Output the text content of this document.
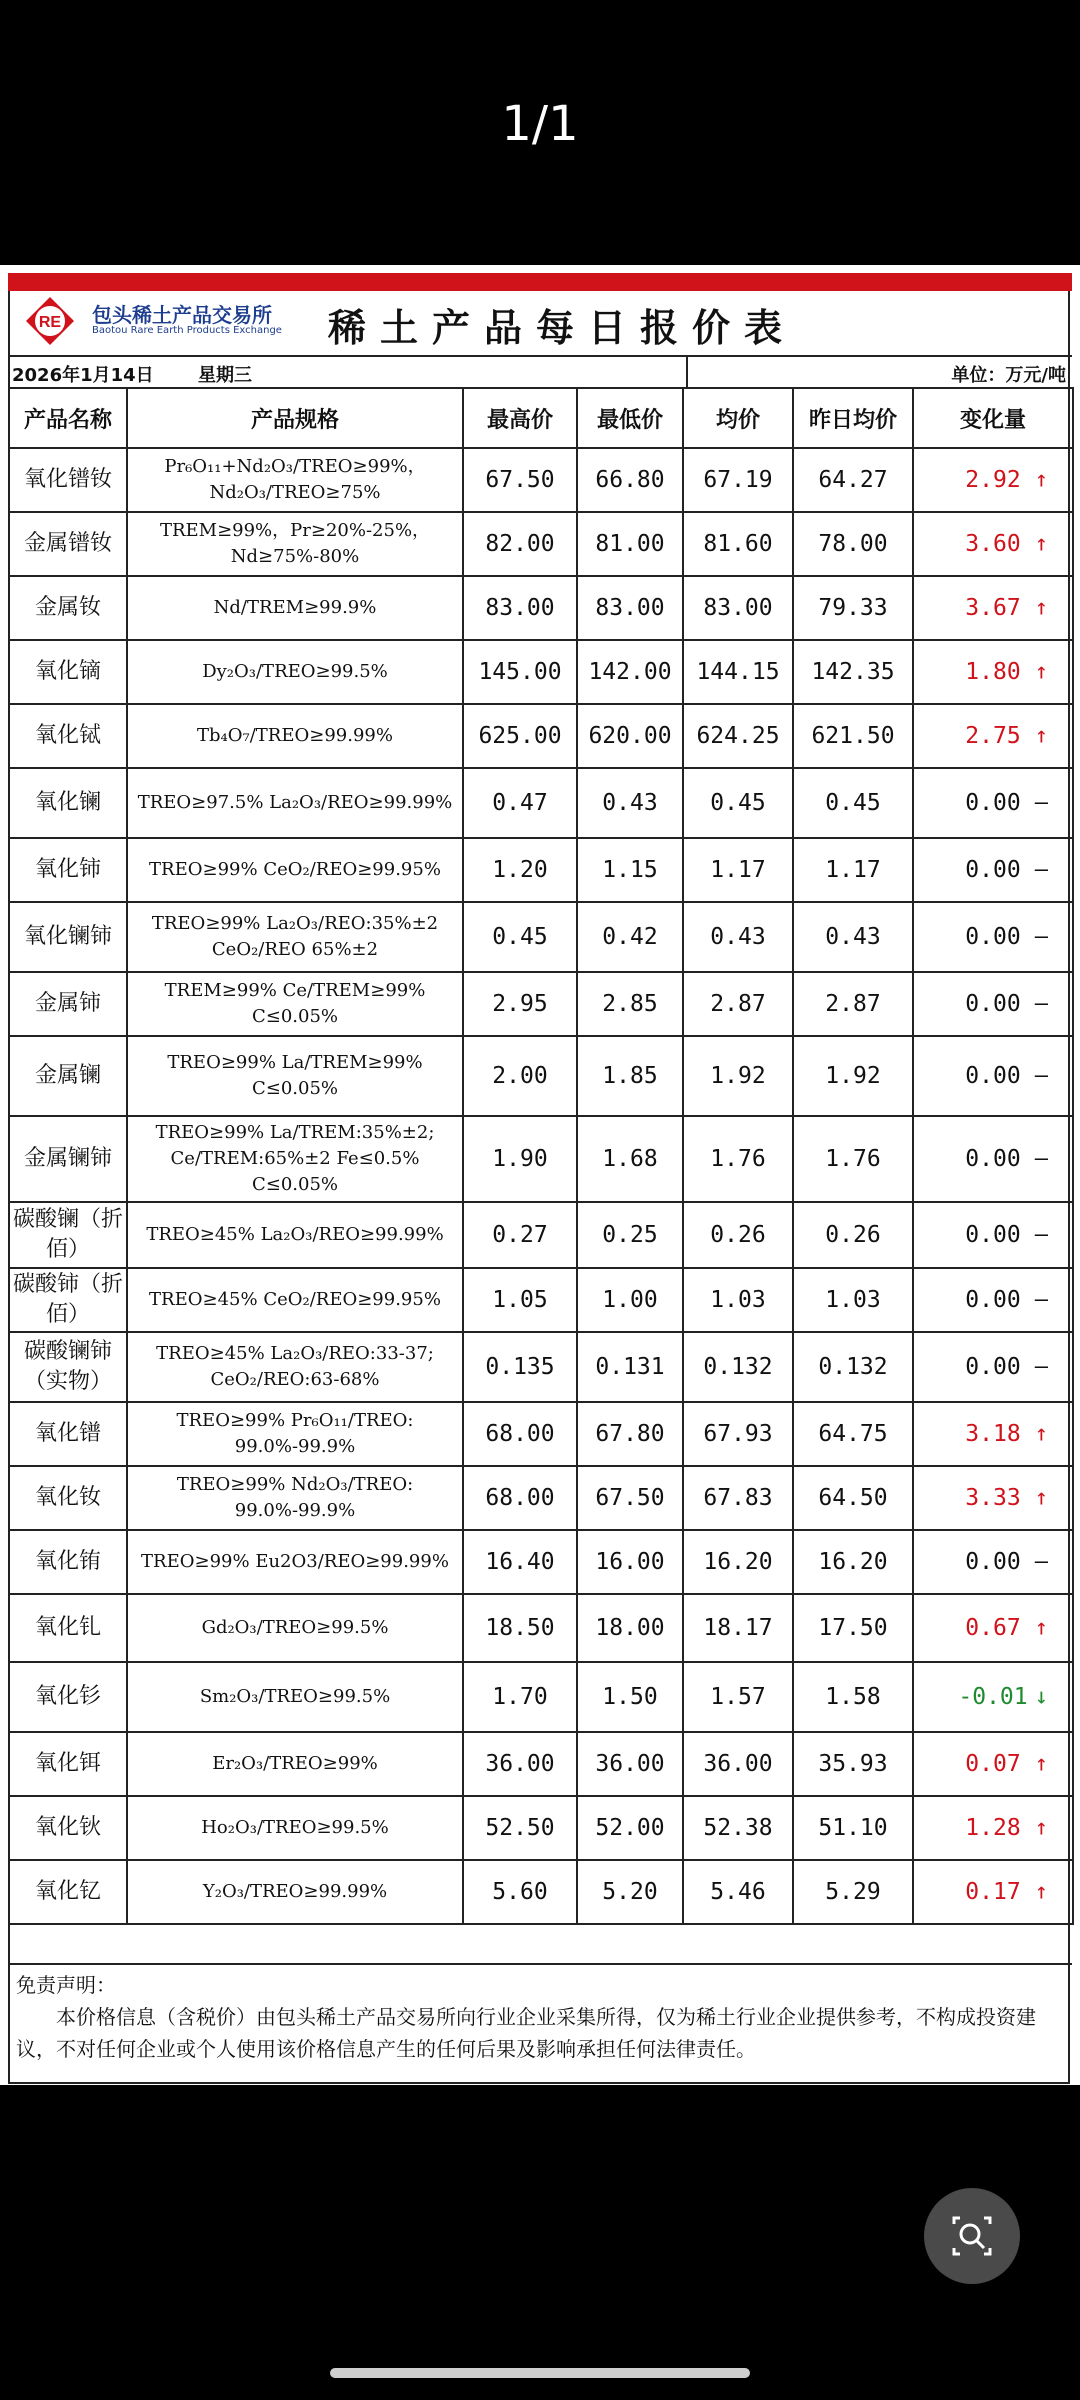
1/1
RE 包头稀土产品交易所
Baotou Rare Earth Products Exchange 稀土产品每日报价表
2026年1月14日 星期三	单位：万元/吨
产品名称	产品规格	最高价	最低价	均价	昨日均价	变化量
氧化镨钕	Pr₆O₁₁+Nd₂O₃/TREO≥99%，Nd₂O₃/TREO≥75%	67.50	66.80	67.19	64.27	2.92 ↑

金属镨钕	TREM≥99%，Pr≥20%-25%，Nd≥75%-80%	82.00	81.00	81.60	78.00	3.60 ↑

金属钕	Nd/TREM≥99.9%	83.00	83.00	83.00	79.33	3.67 ↑

氧化镝	Dy₂O₃/TREO≥99.5%	145.00	142.00	144.15	142.35	1.80 ↑

氧化铽	Tb₄O₇/TREO≥99.99%	625.00	620.00	624.25	621.50	2.75 ↑

氧化镧	TREO≥97.5% La₂O₃/REO≥99.99%	0.47	0.43	0.45	0.45	0.00 —

氧化铈	TREO≥99% CeO₂/REO≥99.95%	1.20	1.15	1.17	1.17	0.00 —

氧化镧铈	TREO≥99% La₂O₃/REO:35%±2 CeO₂/REO 65%±2	0.45	0.42	0.43	0.43	0.00 —

金属铈	TREM≥99% Ce/TREM≥99% C≤0.05%	2.95	2.85	2.87	2.87	0.00 —

金属镧	TREO≥99% La/TREM≥99% C≤0.05%	2.00	1.85	1.92	1.92	0.00 —

金属镧铈	TREO≥99% La/TREM:35%±2; Ce/TREM:65%±2 Fe≤0.5% C≤0.05%	1.90	1.68	1.76	1.76	0.00 —

碳酸镧（折佰）	TREO≥45% La₂O₃/REO≥99.99%	0.27	0.25	0.26	0.26	0.00 —

碳酸铈（折佰）	TREO≥45% CeO₂/REO≥99.95%	1.05	1.00	1.03	1.03	0.00 —

碳酸镧铈（实物）	TREO≥45% La₂O₃/REO:33-37; CeO₂/REO:63-68%	0.135	0.131	0.132	0.132	0.00 —

氧化镨	TREO≥99% Pr₆O₁₁/TREO: 99.0%-99.9%	68.00	67.80	67.93	64.75	3.18 ↑

氧化钕	TREO≥99% Nd₂O₃/TREO: 99.0%-99.9%	68.00	67.50	67.83	64.50	3.33 ↑

氧化铕	TREO≥99% Eu2O3/REO≥99.99%	16.40	16.00	16.20	16.20	0.00 —

氧化钆	Gd₂O₃/TREO≥99.5%	18.50	18.00	18.17	17.50	0.67 ↑

氧化钐	Sm₂O₃/TREO≥99.5%	1.70	1.50	1.57	1.58	-0.01 ↓

氧化铒	Er₂O₃/TREO≥99%	36.00	36.00	36.00	35.93	0.07 ↑

氧化钬	Ho₂O₃/TREO≥99.5%	52.50	52.00	52.38	51.10	1.28 ↑

氧化钇	Y₂O₃/TREO≥99.99%	5.60	5.20	5.46	5.29	0.17 ↑
免责声明：
本价格信息（含税价）由包头稀土产品交易所向行业企业采集所得，仅为稀土行业企业提供参考，不构成投资建议，不对任何企业或个人使用该价格信息产生的任何后果及影响承担任何法律责任。
